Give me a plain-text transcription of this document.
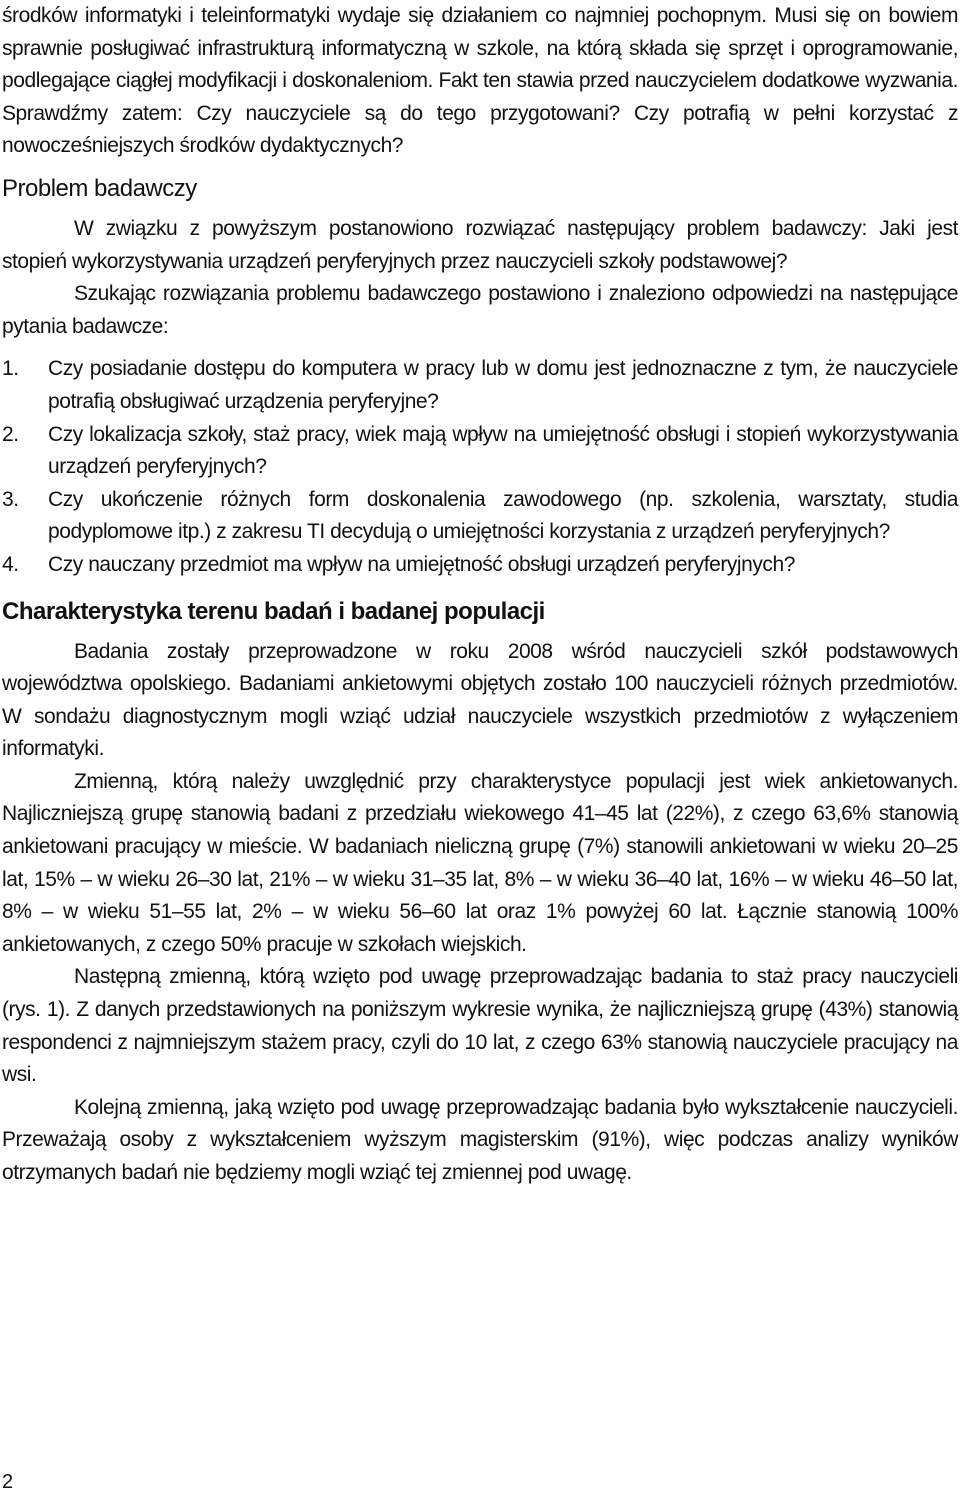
środków informatyki i teleinformatyki wydaje się działaniem co najmniej pochopnym. Musi się on bowiem sprawnie posługiwać infrastrukturą informatyczną w szkole, na którą składa się sprzęt i oprogramowanie, podlegające ciągłej modyfikacji i doskonaleniom. Fakt ten stawia przed nauczycielem dodatkowe wyzwania. Sprawdźmy zatem: Czy nauczyciele są do tego przygotowani? Czy potrafią w pełni korzystać z nowocześniejszych środków dydaktycznych?

Problem badawczy

W związku z powyższym postanowiono rozwiązać następujący problem badawczy: Jaki jest stopień wykorzystywania urządzeń peryferyjnych przez nauczycieli szkoły podstawowej?

Szukając rozwiązania problemu badawczego postawiono i znaleziono odpowiedzi na następujące pytania badawcze:

1. Czy posiadanie dostępu do komputera w pracy lub w domu jest jednoznaczne z tym, że nauczyciele potrafią obsługiwać urządzenia peryferyjne?
2. Czy lokalizacja szkoły, staż pracy, wiek mają wpływ na umiejętność obsługi i stopień wykorzystywania urządzeń peryferyjnych?
3. Czy ukończenie różnych form doskonalenia zawodowego (np. szkolenia, warsztaty, studia podyplomowe itp.) z zakresu TI decydują o umiejętności korzystania z urządzeń peryferyjnych?
4. Czy nauczany przedmiot ma wpływ na umiejętność obsługi urządzeń peryferyjnych?
Charakterystyka terenu badań i badanej populacji

Badania zostały przeprowadzone w roku 2008 wśród nauczycieli szkół podstawowych województwa opolskiego. Badaniami ankietowymi objętych zostało 100 nauczycieli różnych przedmiotów. W sondażu diagnostycznym mogli wziąć udział nauczyciele wszystkich przedmiotów z wyłączeniem informatyki.

Zmienną, którą należy uwzględnić przy charakterystyce populacji jest wiek ankietowanych. Najliczniejszą grupę stanowią badani z przedziału wiekowego 41–45 lat (22%), z czego 63,6% stanowią ankietowani pracujący w mieście. W badaniach nieliczną grupę (7%) stanowili ankietowani w wieku 20–25 lat, 15% – w wieku 26–30 lat, 21% – w wieku 31–35 lat, 8% – w wieku 36–40 lat, 16% – w wieku 46–50 lat, 8% – w wieku 51–55 lat, 2% – w wieku 56–60 lat oraz 1% powyżej 60 lat. Łącznie stanowią 100% ankietowanych, z czego 50% pracuje w szkołach wiejskich.

Następną zmienną, którą wzięto pod uwagę przeprowadzając badania to staż pracy nauczycieli (rys. 1). Z danych przedstawionych na poniższym wykresie wynika, że najliczniejszą grupę (43%) stanowią respondenci z najmniejszym stażem pracy, czyli do 10 lat, z czego 63% stanowią nauczyciele pracujący na wsi.

Kolejną zmienną, jaką wzięto pod uwagę przeprowadzając badania było wykształcenie nauczycieli. Przeważają osoby z wykształceniem wyższym magisterskim (91%), więc podczas analizy wyników otrzymanych badań nie będziemy mogli wziąć tej zmiennej pod uwagę.

2
